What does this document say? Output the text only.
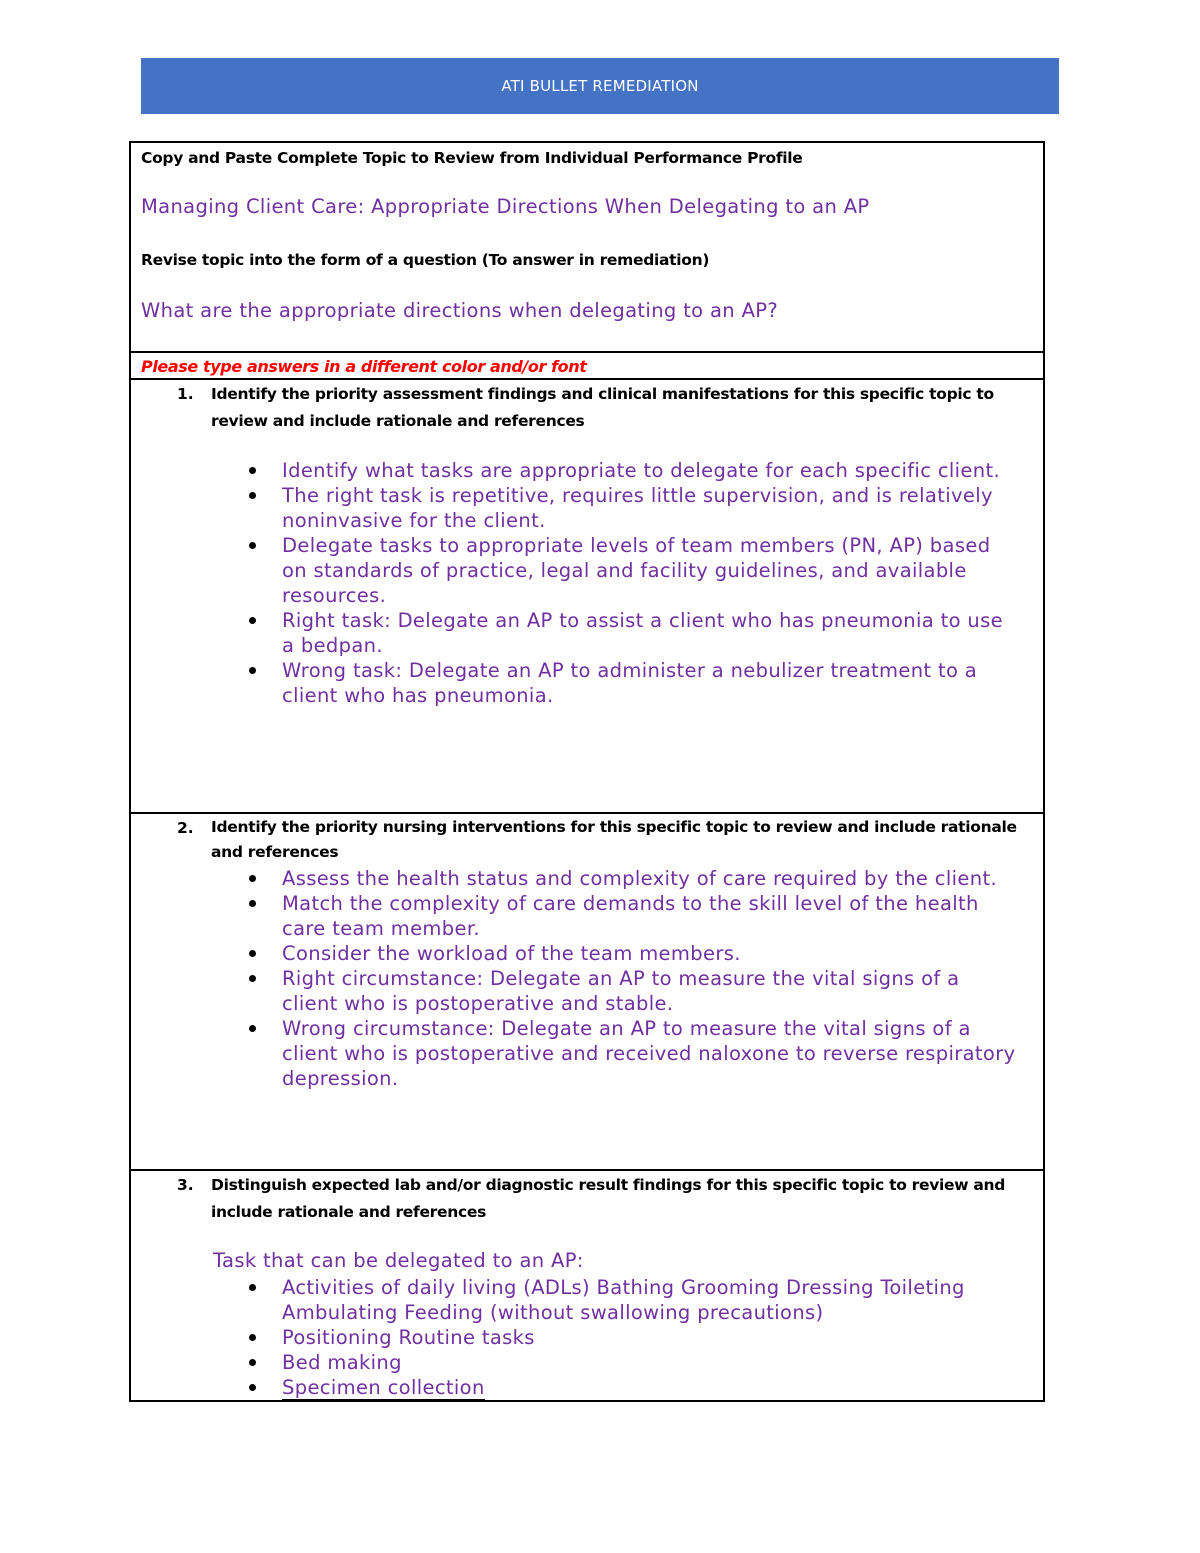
ATI BULLET REMEDIATION
Copy and Paste Complete Topic to Review from Individual Performance Profile
Managing Client Care: Appropriate Directions When Delegating to an AP
Revise topic into the form of a question (To answer in remediation)
What are the appropriate directions when delegating to an AP?
Please type answers in a different color and/or font
1. Identify the priority assessment findings and clinical manifestations for this specific topic to review and include rationale and references
Identify what tasks are appropriate to delegate for each specific client.
The right task is repetitive, requires little supervision, and is relatively noninvasive for the client.
Delegate tasks to appropriate levels of team members (PN, AP) based on standards of practice, legal and facility guidelines, and available resources.
Right task: Delegate an AP to assist a client who has pneumonia to use a bedpan.
Wrong task: Delegate an AP to administer a nebulizer treatment to a client who has pneumonia.
2. Identify the priority nursing interventions for this specific topic to review and include rationale and references
Assess the health status and complexity of care required by the client.
Match the complexity of care demands to the skill level of the health care team member.
Consider the workload of the team members.
Right circumstance: Delegate an AP to measure the vital signs of a client who is postoperative and stable.
Wrong circumstance: Delegate an AP to measure the vital signs of a client who is postoperative and received naloxone to reverse respiratory depression.
3. Distinguish expected lab and/or diagnostic result findings for this specific topic to review and include rationale and references
Task that can be delegated to an AP:
Activities of daily living (ADLs) Bathing Grooming Dressing Toileting Ambulating Feeding (without swallowing precautions)
Positioning Routine tasks
Bed making
Specimen collection
